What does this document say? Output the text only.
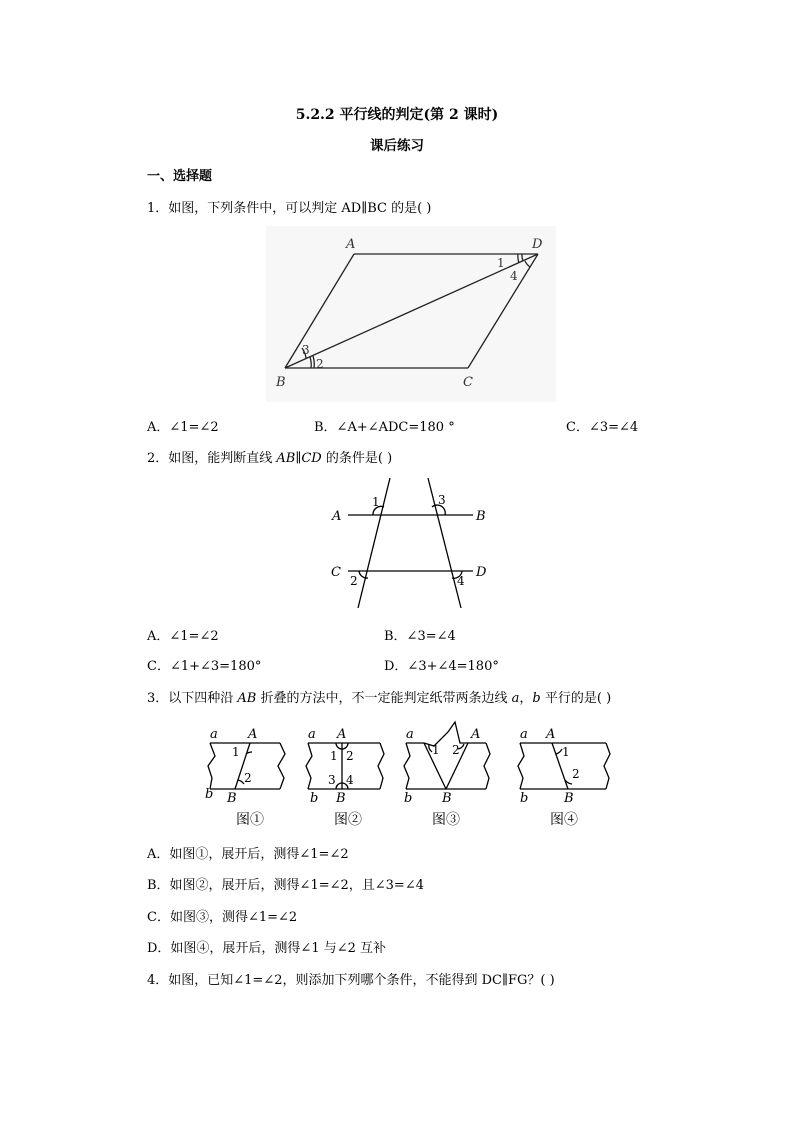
5.2.2 平行线的判定(第 2 课时)
课后练习
一、选择题
1．如图，下列条件中，可以判定 AD∥BC 的是( )
A	D
B	C
1
4
3
2
A．∠1=∠2	B．∠A+∠ADC=180 °	C．∠3=∠4
2．如图，能判断直线 AB∥CD 的条件是( )
A	B
C	D
1	3
2	4
A．∠1=∠2	B．∠3=∠4
C．∠1+∠3=180°	D．∠3+∠4=180°
3．以下四种沿 AB 折叠的方法中，不一定能判定纸带两条边线 a，b 平行的是( )
a A
b B
a A
b B
a	A
b B
a A
b	B
1
2
1 2
3 4
1 2	1
2
图①	图②	图③	图④
A．如图①，展开后，测得∠1=∠2
B．如图②，展开后，测得∠1=∠2，且∠3=∠4
C．如图③，测得∠1=∠2
D．如图④，展开后，测得∠1 与∠2 互补
4．如图，已知∠1=∠2，则添加下列哪个条件，不能得到 DC∥FG？( )
